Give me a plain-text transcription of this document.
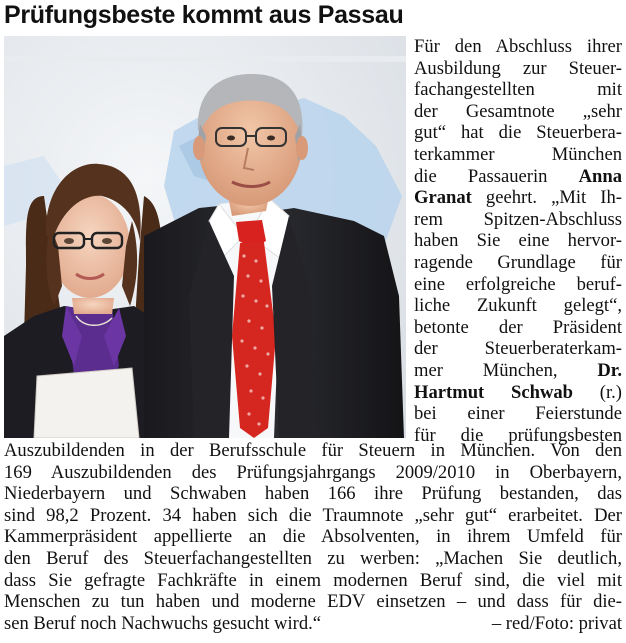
Prüfungsbeste kommt aus Passau
Für den Abschluss ihrer
Ausbildung zur Steuer-
fachangestellten mit
der Gesamtnote „sehr
gut“ hat die Steuerbera-
terkammer München
die Passauerin Anna
Granat geehrt. „Mit Ih-
rem Spitzen-Abschluss
haben Sie eine hervor-
ragende Grundlage für
eine erfolgreiche beruf-
liche Zukunft gelegt“,
betonte der Präsident
der Steuerberaterkam-
mer München, Dr.
Hartmut Schwab (r.)
bei einer Feierstunde
für die prüfungsbesten
Auszubildenden in der Berufsschule für Steuern in München. Von den
169 Auszubildenden des Prüfungsjahrgangs 2009/2010 in Oberbayern,
Niederbayern und Schwaben haben 166 ihre Prüfung bestanden, das
sind 98,2 Prozent. 34 haben sich die Traumnote „sehr gut“ erarbeitet. Der
Kammerpräsident appellierte an die Absolventen, in ihrem Umfeld für
den Beruf des Steuerfachangestellten zu werben: „Machen Sie deutlich,
dass Sie gefragte Fachkräfte in einem modernen Beruf sind, die viel mit
Menschen zu tun haben und moderne EDV einsetzen – und dass für die-
sen Beruf noch Nachwuchs gesucht wird.“	– red/Foto: privat
